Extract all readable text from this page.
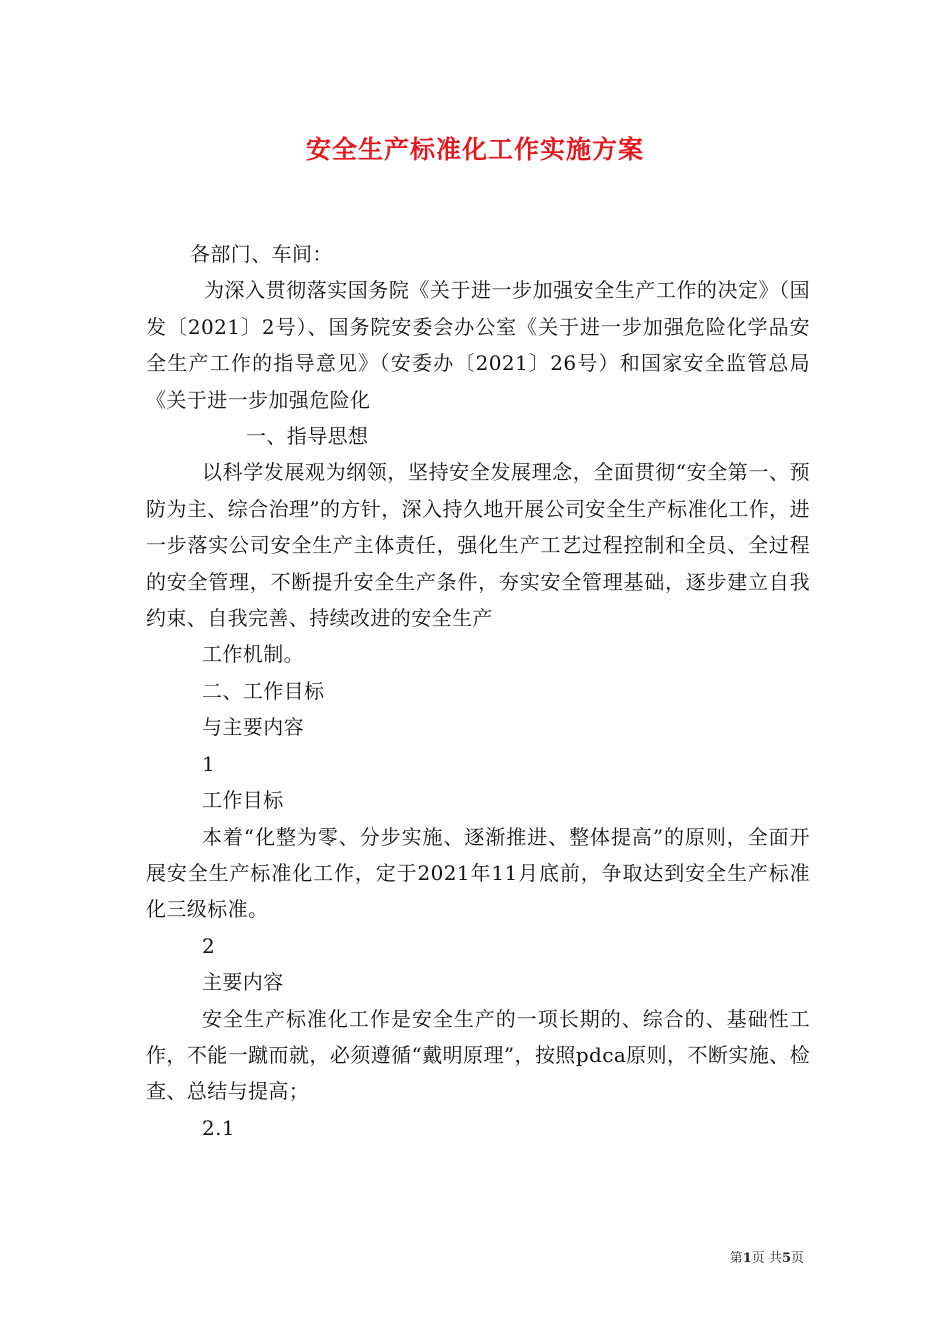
安全生产标准化工作实施方案

各部门、车间：

为深入贯彻落实国务院《关于进一步加强安全生产工作的决定》（国发〔2021〕2号）、国务院安委会办公室《关于进一步加强危险化学品安全生产工作的指导意见》（安委办〔2021〕26号）和国家安全监管总局《关于进一步加强危险化

一、指导思想

以科学发展观为纲领，坚持安全发展理念，全面贯彻“安全第一、预防为主、综合治理”的方针，深入持久地开展公司安全生产标准化工作，进一步落实公司安全生产主体责任，强化生产工艺过程控制和全员、全过程的安全管理，不断提升安全生产条件，夯实安全管理基础，逐步建立自我约束、自我完善、持续改进的安全生产

工作机制。

二、工作目标

与主要内容

1

工作目标

本着“化整为零、分步实施、逐渐推进、整体提高”的原则，全面开展安全生产标准化工作，定于2021年11月底前，争取达到安全生产标准化三级标准。

2

主要内容

安全生产标准化工作是安全生产的一项长期的、综合的、基础性工作，不能一蹴而就，必须遵循“戴明原理”，按照pdca原则，不断实施、检查、总结与提高；

2.1

第1页 共5页
